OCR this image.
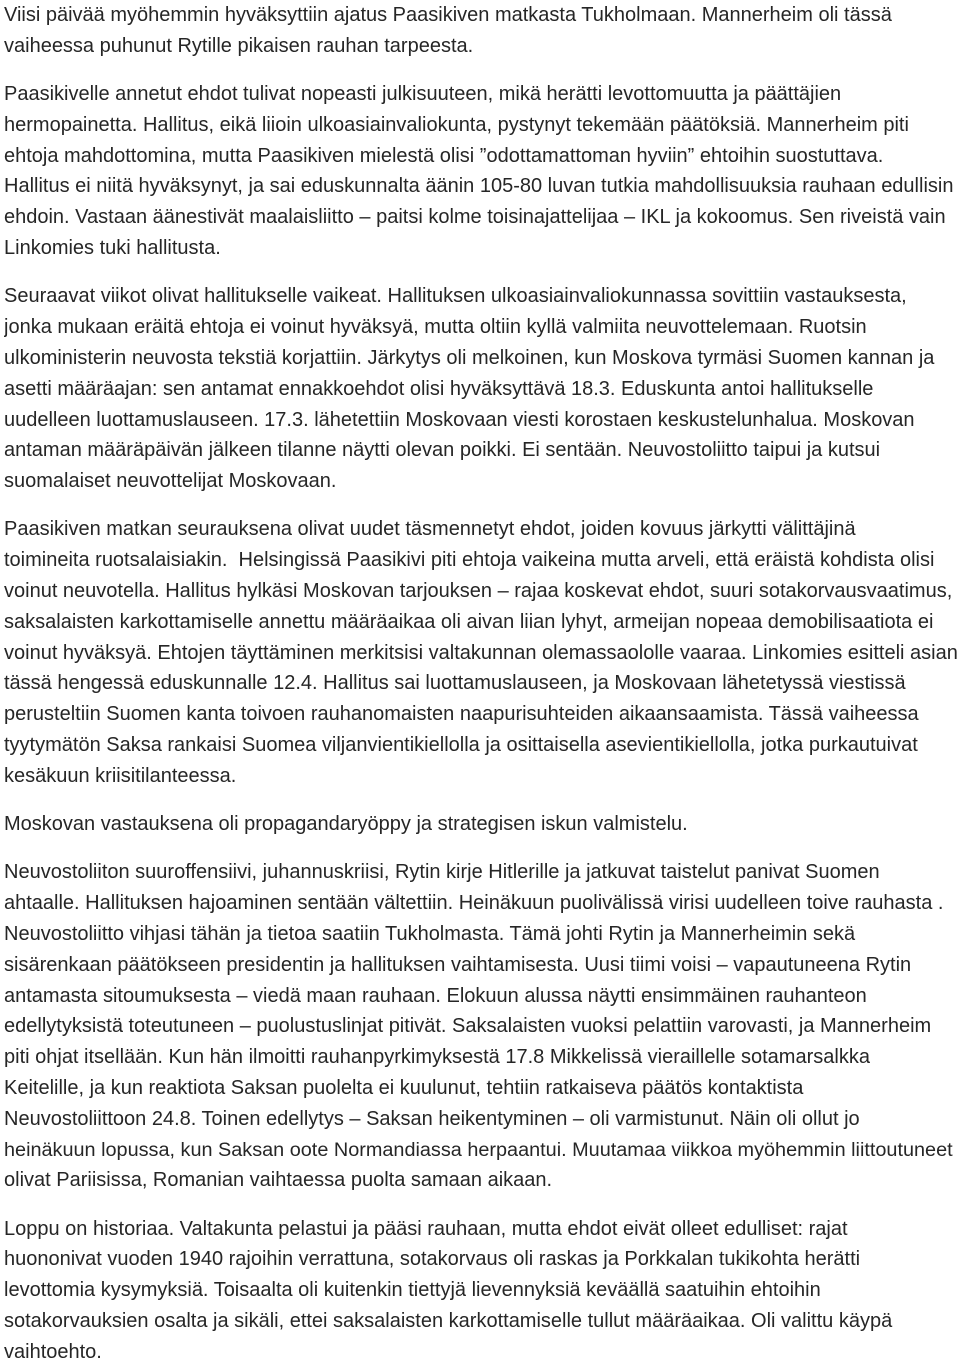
Viisi päivää myöhemmin hyväksyttiin ajatus Paasikiven matkasta Tukholmaan. Mannerheim oli tässä
vaiheessa puhunut Rytille pikaisen rauhan tarpeesta.
Paasikivelle annetut ehdot tulivat nopeasti julkisuuteen, mikä herätti levottomuutta ja päättäjien
hermopainetta. Hallitus, eikä liioin ulkoasiainvaliokunta, pystynyt tekemään päätöksiä. Mannerheim piti
ehtoja mahdottomina, mutta Paasikiven mielestä olisi ”odottamattoman hyviin” ehtoihin suostuttava.
Hallitus ei niitä hyväksynyt, ja sai eduskunnalta äänin 105-80 luvan tutkia mahdollisuuksia rauhaan edullisin
ehdoin. Vastaan äänestivät maalaisliitto – paitsi kolme toisinajattelijaa – IKL ja kokoomus. Sen riveistä vain
Linkomies tuki hallitusta.
Seuraavat viikot olivat hallitukselle vaikeat. Hallituksen ulkoasiainvaliokunnassa sovittiin vastauksesta,
jonka mukaan eräitä ehtoja ei voinut hyväksyä, mutta oltiin kyllä valmiita neuvottelemaan. Ruotsin
ulkoministerin neuvosta tekstiä korjattiin. Järkytys oli melkoinen, kun Moskova tyrmäsi Suomen kannan ja
asetti määräajan: sen antamat ennakkoehdot olisi hyväksyttävä 18.3. Eduskunta antoi hallitukselle
uudelleen luottamuslauseen. 17.3. lähetettiin Moskovaan viesti korostaen keskustelunhalua. Moskovan
antaman määräpäivän jälkeen tilanne näytti olevan poikki. Ei sentään. Neuvostoliitto taipui ja kutsui
suomalaiset neuvottelijat Moskovaan.
Paasikiven matkan seurauksena olivat uudet täsmennetyt ehdot, joiden kovuus järkytti välittäjinä
toimineita ruotsalaisiakin.  Helsingissä Paasikivi piti ehtoja vaikeina mutta arveli, että eräistä kohdista olisi
voinut neuvotella. Hallitus hylkäsi Moskovan tarjouksen – rajaa koskevat ehdot, suuri sotakorvausvaatimus,
saksalaisten karkottamiselle annettu määräaikaa oli aivan liian lyhyt, armeijan nopeaa demobilisaatiota ei
voinut hyväksyä. Ehtojen täyttäminen merkitsisi valtakunnan olemassaololle vaaraa. Linkomies esitteli asian
tässä hengessä eduskunnalle 12.4. Hallitus sai luottamuslauseen, ja Moskovaan lähetetyssä viestissä
perusteltiin Suomen kanta toivoen rauhanomaisten naapurisuhteiden aikaansaamista. Tässä vaiheessa
tyytymätön Saksa rankaisi Suomea viljanvientikiellolla ja osittaisella asevientikiellolla, jotka purkautuivat
kesäkuun kriisitilanteessa.
Moskovan vastauksena oli propagandaryöppy ja strategisen iskun valmistelu.
Neuvostoliiton suuroffensiivi, juhannuskriisi, Rytin kirje Hitlerille ja jatkuvat taistelut panivat Suomen
ahtaalle. Hallituksen hajoaminen sentään vältettiin. Heinäkuun puolivälissä virisi uudelleen toive rauhasta .
Neuvostoliitto vihjasi tähän ja tietoa saatiin Tukholmasta. Tämä johti Rytin ja Mannerheimin sekä
sisärenkaan päätökseen presidentin ja hallituksen vaihtamisesta. Uusi tiimi voisi – vapautuneena Rytin
antamasta sitoumuksesta – viedä maan rauhaan. Elokuun alussa näytti ensimmäinen rauhanteon
edellytyksistä toteutuneen – puolustuslinjat pitivät. Saksalaisten vuoksi pelattiin varovasti, ja Mannerheim
piti ohjat itsellään. Kun hän ilmoitti rauhanpyrkimyksestä 17.8 Mikkelissä vieraillelle sotamarsalkka
Keitelille, ja kun reaktiota Saksan puolelta ei kuulunut, tehtiin ratkaiseva päätös kontaktista
Neuvostoliittoon 24.8. Toinen edellytys – Saksan heikentyminen – oli varmistunut. Näin oli ollut jo
heinäkuun lopussa, kun Saksan oote Normandiassa herpaantui. Muutamaa viikkoa myöhemmin liittoutuneet
olivat Pariisissa, Romanian vaihtaessa puolta samaan aikaan.
Loppu on historiaa. Valtakunta pelastui ja pääsi rauhaan, mutta ehdot eivät olleet edulliset: rajat
huononivat vuoden 1940 rajoihin verrattuna, sotakorvaus oli raskas ja Porkkalan tukikohta herätti
levottomia kysymyksiä. Toisaalta oli kuitenkin tiettyjä lievennyksiä keväällä saatuihin ehtoihin
sotakorvauksien osalta ja sikäli, ettei saksalaisten karkottamiselle tullut määräaikaa. Oli valittu käypä
vaihtoehto.
